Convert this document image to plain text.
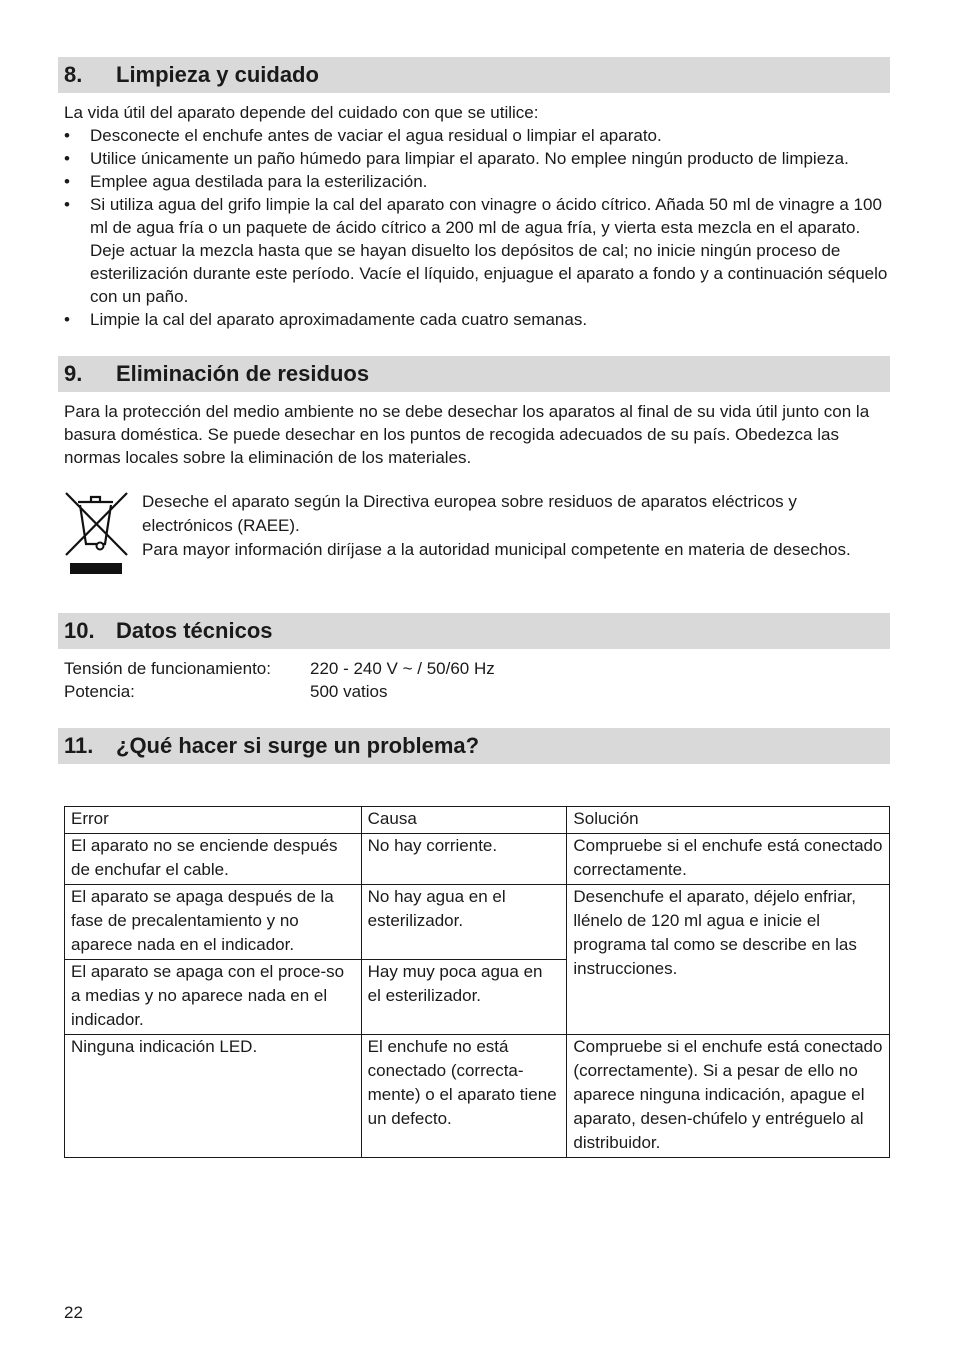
8.	Limpieza y cuidado

La vida útil del aparato depende del cuidado con que se utilice:

• Desconecte el enchufe antes de vaciar el agua residual o limpiar el aparato.
• Utilice únicamente un paño húmedo para limpiar el aparato. No emplee ningún producto de limpieza.
• Emplee agua destilada para la esterilización.
• Si utiliza agua del grifo limpie la cal del aparato con vinagre o ácido cítrico. Añada 50 ml de vinagre a 100 ml de agua fría o un paquete de ácido cítrico a 200 ml de agua fría, y vierta esta mezcla en el aparato. Deje actuar la mezcla hasta que se hayan disuelto los depósitos de cal; no inicie ningún proceso de esterilización durante este período. Vacíe el líquido, enjuague el aparato a fondo y a continuación séquelo con un paño.
• Limpie la cal del aparato aproximadamente cada cuatro semanas.
9.	Eliminación de residuos

Para la protección del medio ambiente no se debe desechar los aparatos al final de su vida útil junto con la basura doméstica. Se puede desechar en los puntos de recogida adecuados de su país. Obedezca las normas locales sobre la eliminación de los materiales.

Deseche el aparato según la Directiva europea sobre residuos de aparatos eléctricos y electrónicos (RAEE).
Para mayor información diríjase a la autoridad municipal competente en materia de desechos.
10. Datos técnicos
Tensión de funcionamiento:	220 - 240 V ~ / 50/60 Hz
Potencia:	500 vatios
11.	¿Qué hacer si surge un problema?
Error	Causa	Solución
El aparato no se enciende después de enchufar el cable.	No hay corriente.	Compruebe si el enchufe está conectado correctamente.
El aparato se apaga después de la fase de precalentamiento y no aparece nada en el indicador.	No hay agua en el esterilizador.	Desenchufe el aparato, déjelo enfriar, llénelo de 120 ml agua e inicie el programa tal como se describe en las instrucciones.
El aparato se apaga con el proce-so a medias y no aparece nada en el indicador.	Hay muy poca agua en el esterilizador.	
Ninguna indicación LED.	El enchufe no está conectado (correcta-mente) o el aparato tiene un defecto.	Compruebe si el enchufe está conectado (correctamente). Si a pesar de ello no aparece ninguna indicación, apague el aparato, desen-chúfelo y entréguelo al distribuidor.
22
